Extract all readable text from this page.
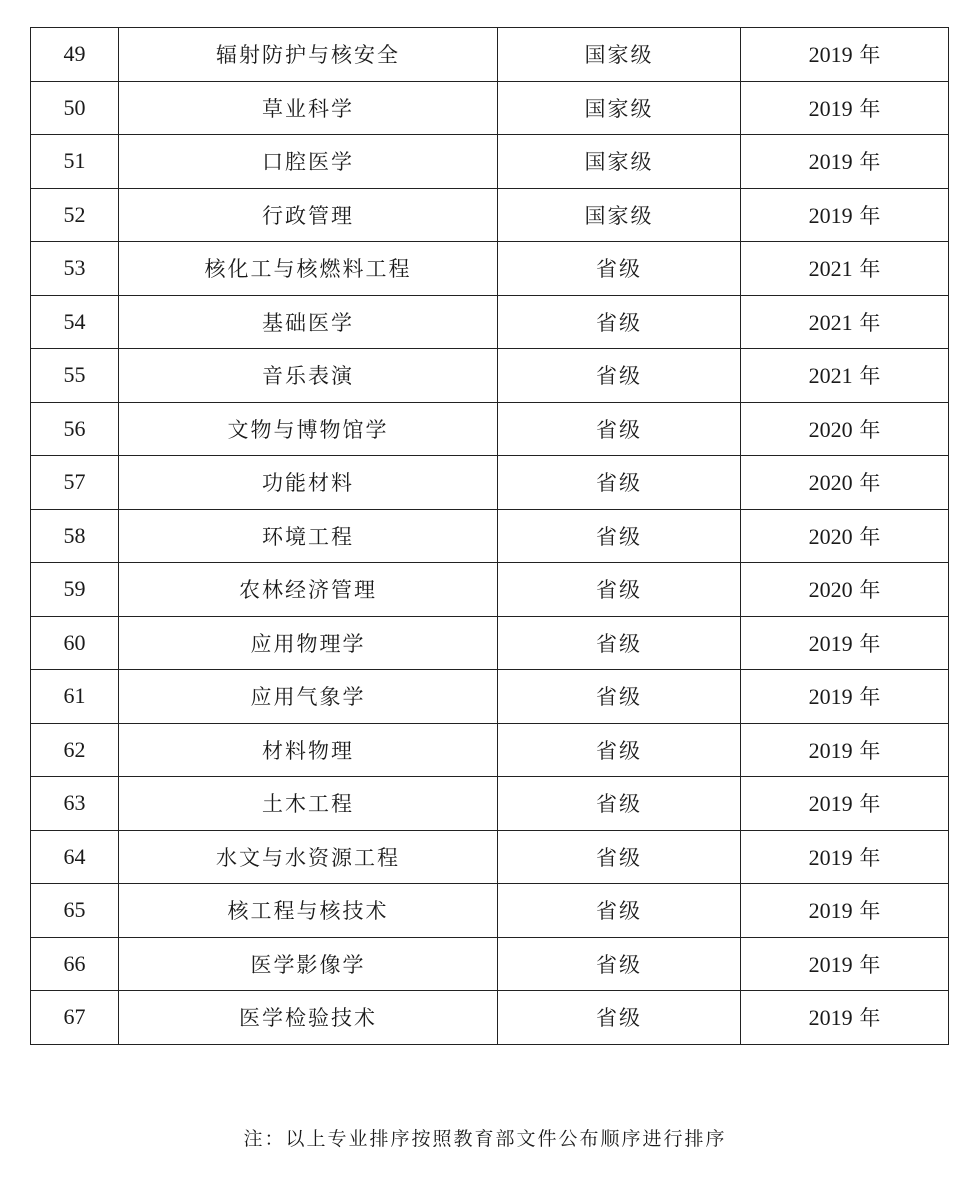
49	辐射防护与核安全	国家级	2019 年
50	草业科学	国家级	2019 年
51	口腔医学	国家级	2019 年
52	行政管理	国家级	2019 年
53	核化工与核燃料工程	省级	2021 年
54	基础医学	省级	2021 年
55	音乐表演	省级	2021 年
56	文物与博物馆学	省级	2020 年
57	功能材料	省级	2020 年
58	环境工程	省级	2020 年
59	农林经济管理	省级	2020 年
60	应用物理学	省级	2019 年
61	应用气象学	省级	2019 年
62	材料物理	省级	2019 年
63	土木工程	省级	2019 年
64	水文与水资源工程	省级	2019 年
65	核工程与核技术	省级	2019 年
66	医学影像学	省级	2019 年
67	医学检验技术	省级	2019 年
注：以上专业排序按照教育部文件公布顺序进行排序
